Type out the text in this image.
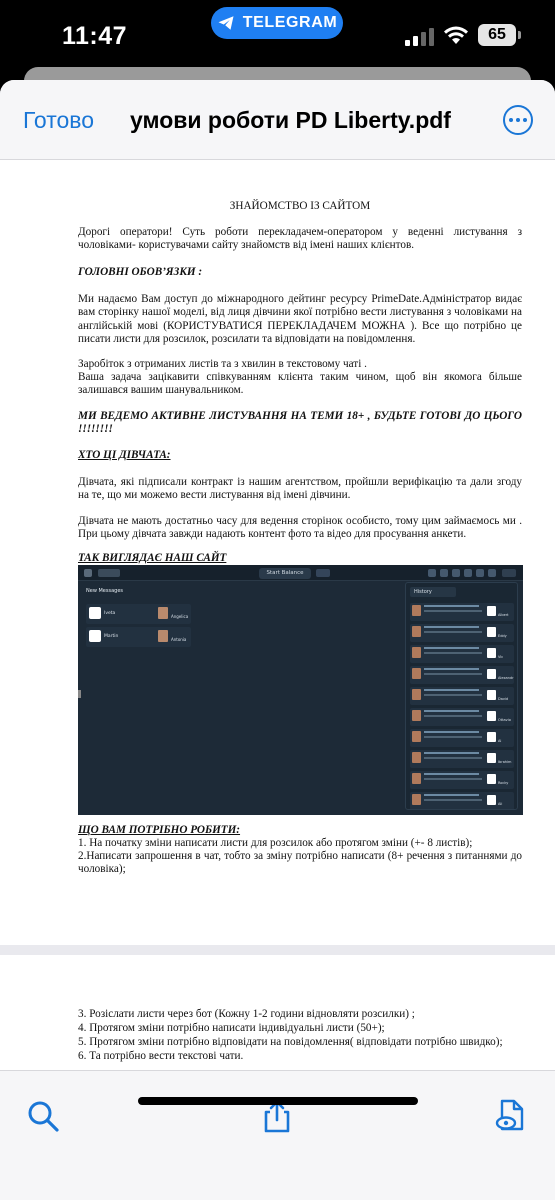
11:47	TELEGRAM
65
Готово умови роботи PD Liberty.pdf
ЗНАЙОМСТВО ІЗ САЙТОМ
Дорогі оператори! Суть роботи перекладачем-оператором у веденні листування з чоловіками- користувачами сайту знайомств від імені наших клієнтов.
ГОЛОВНІ ОБОВ’ЯЗКИ :
Ми надаємо Вам доступ до міжнародного дейтинг ресурсу PrimeDate.Адміністратор видає вам сторінку нашої моделі, від лиця дівчини якої потрібно вести листування з чоловіками на англійській мові (КОРИСТУВАТИСЯ ПЕРЕКЛАДАЧЕМ МОЖНА ). Все що потрібно це писати листи для розсилок, розсилати та відповідати на повідомлення.
Заробіток з отриманих листів та з хвилин в текстовому чаті .
Ваша задача зацікавити співкуванням клієнта таким чином, щоб він якомога більше залишався вашим шанувальником.
МИ ВЕДЕМО АКТИВНЕ ЛИСТУВАННЯ НА ТЕМИ 18+ , БУДЬТЕ ГОТОВІ ДО ЦЬОГО !!!!!!!!
ХТО ЦІ ДІВЧАТА:
Дівчата, які підписали контракт із нашим агентством, пройшли верифікацію та дали згоду на те, що ми можемо вести листування від імені дівчини.
Дівчата не мають достатньо часу для ведення сторінок особисто, тому цим займаємось ми . При цьому дівчата завжди надають контент фото та відео для просування анкети.
ТАК ВИГЛЯДАЄ НАШ САЙТ
Start Balance
New Messages
Iveta
Angelica
Martin
Antonia
History
Albert
Eddy
Vic
Alexandr
David
Ottavio
Al
Ibrahim
Rocky
Ali
ЩО ВАМ ПОТРІБНО РОБИТИ:
1. На початку зміни написати листи для розсилок або протягом зміни (+- 8 листів);
2.Написати запрошення в чат, тобто за зміну потрібно написати (8+ речення з питаннями до чоловіка);
3. Розіслати листи через бот (Кожну 1-2 години відновляти розсилки) ;
4. Протягом зміни потрібно написати індивідуальні листи (50+);
5. Протягом зміни потрібно відповідати на повідомлення( відповідати потрібно швидко);
6. Та потрібно вести текстові чати.
